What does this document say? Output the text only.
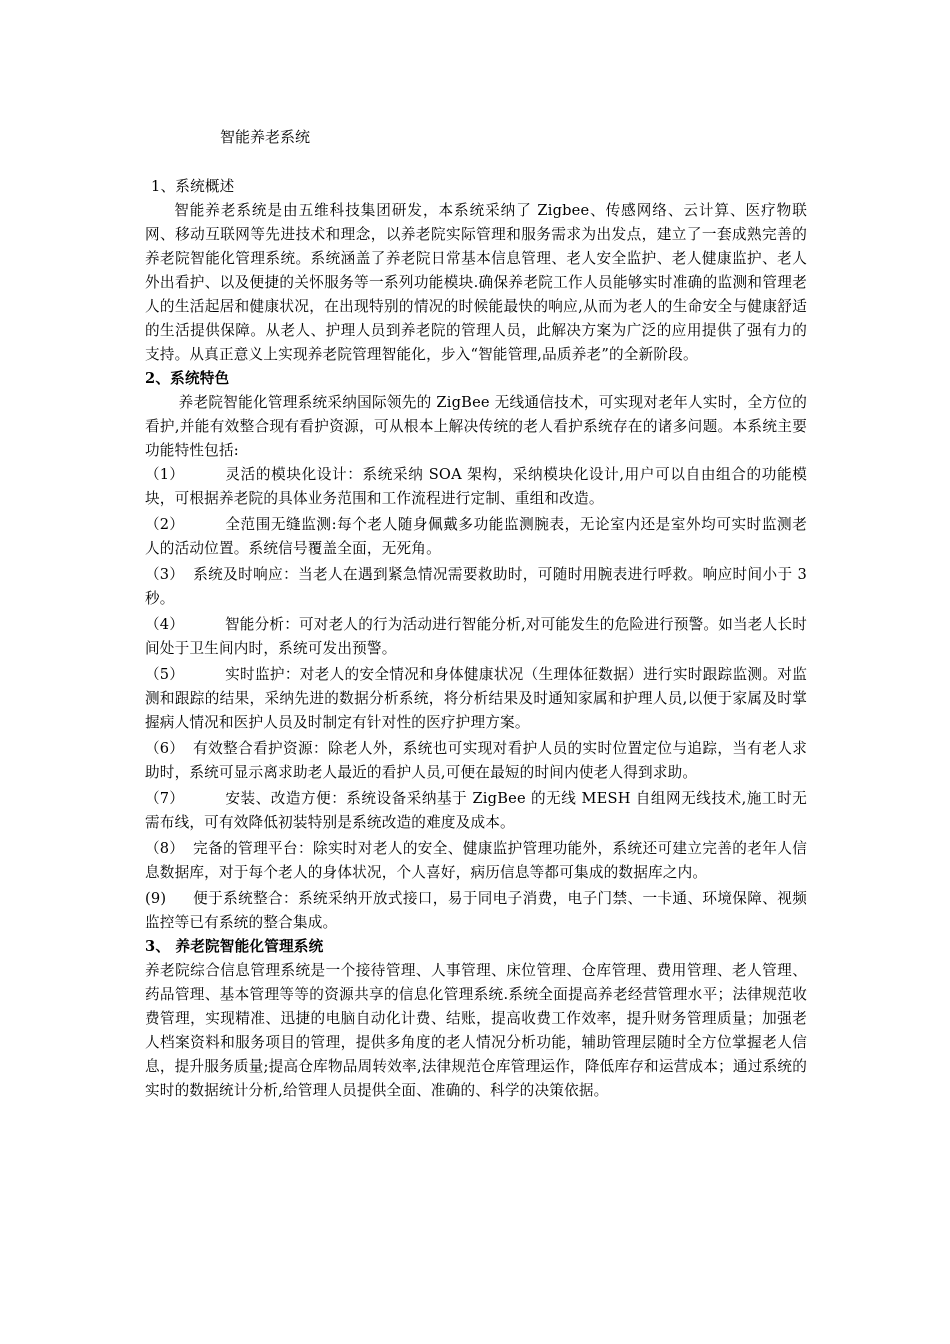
智能养老系统

1、系统概述

智能养老系统是由五维科技集团研发，本系统采纳了 Zigbee、传感网络、云计算、医疗物联网、移动互联网等先进技术和理念，以养老院实际管理和服务需求为出发点，建立了一套成熟完善的养老院智能化管理系统。系统涵盖了养老院日常基本信息管理、老人安全监护、老人健康监护、老人外出看护、以及便捷的关怀服务等一系列功能模块.确保养老院工作人员能够实时准确的监测和管理老人的生活起居和健康状况，在出现特别的情况的时候能最快的响应,从而为老人的生命安全与健康舒适的生活提供保障。从老人、护理人员到养老院的管理人员，此解决方案为广泛的应用提供了强有力的支持。从真正意义上实现养老院管理智能化，步入“智能管理,品质养老”的全新阶段。

2、系统特色

养老院智能化管理系统采纳国际领先的 ZigBee 无线通信技术，可实现对老年人实时，全方位的看护,并能有效整合现有看护资源，可从根本上解决传统的老人看护系统存在的诸多问题。本系统主要功能特性包括:

（1）	灵活的模块化设计：系统采纳 SOA 架构，采纳模块化设计,用户可以自由组合的功能模块，可根据养老院的具体业务范围和工作流程进行定制、重组和改造。

（2）	全范围无缝监测:每个老人随身佩戴多功能监测腕表，无论室内还是室外均可实时监测老人的活动位置。系统信号覆盖全面，无死角。

（3） 系统及时响应：当老人在遇到紧急情况需要救助时，可随时用腕表进行呼救。响应时间小于 3 秒。

（4）	智能分析：可对老人的行为活动进行智能分析,对可能发生的危险进行预警。如当老人长时间处于卫生间内时，系统可发出预警。

（5）	实时监护：对老人的安全情况和身体健康状况（生理体征数据）进行实时跟踪监测。对监测和跟踪的结果，采纳先进的数据分析系统，将分析结果及时通知家属和护理人员,以便于家属及时掌握病人情况和医护人员及时制定有针对性的医疗护理方案。

（6） 有效整合看护资源：除老人外，系统也可实现对看护人员的实时位置定位与追踪，当有老人求助时，系统可显示离求助老人最近的看护人员,可便在最短的时间内使老人得到求助。

（7）	安装、改造方便：系统设备采纳基于 ZigBee 的无线 MESH 自组网无线技术,施工时无需布线，可有效降低初装特别是系统改造的难度及成本。

（8） 完备的管理平台：除实时对老人的安全、健康监护管理功能外，系统还可建立完善的老年人信息数据库，对于每个老人的身体状况，个人喜好，病历信息等都可集成的数据库之内。

(9) 便于系统整合：系统采纳开放式接口，易于同电子消费，电子门禁、一卡通、环境保障、视频监控等已有系统的整合集成。

3、 养老院智能化管理系统

养老院综合信息管理系统是一个接待管理、人事管理、床位管理、仓库管理、费用管理、老人管理、药品管理、基本管理等等的资源共享的信息化管理系统.系统全面提高养老经营管理水平；法律规范收费管理，实现精准、迅捷的电脑自动化计费、结账，提高收费工作效率，提升财务管理质量；加强老人档案资料和服务项目的管理，提供多角度的老人情况分析功能，辅助管理层随时全方位掌握老人信息，提升服务质量;提高仓库物品周转效率,法律规范仓库管理运作，降低库存和运营成本；通过系统的实时的数据统计分析,给管理人员提供全面、准确的、科学的决策依据。
